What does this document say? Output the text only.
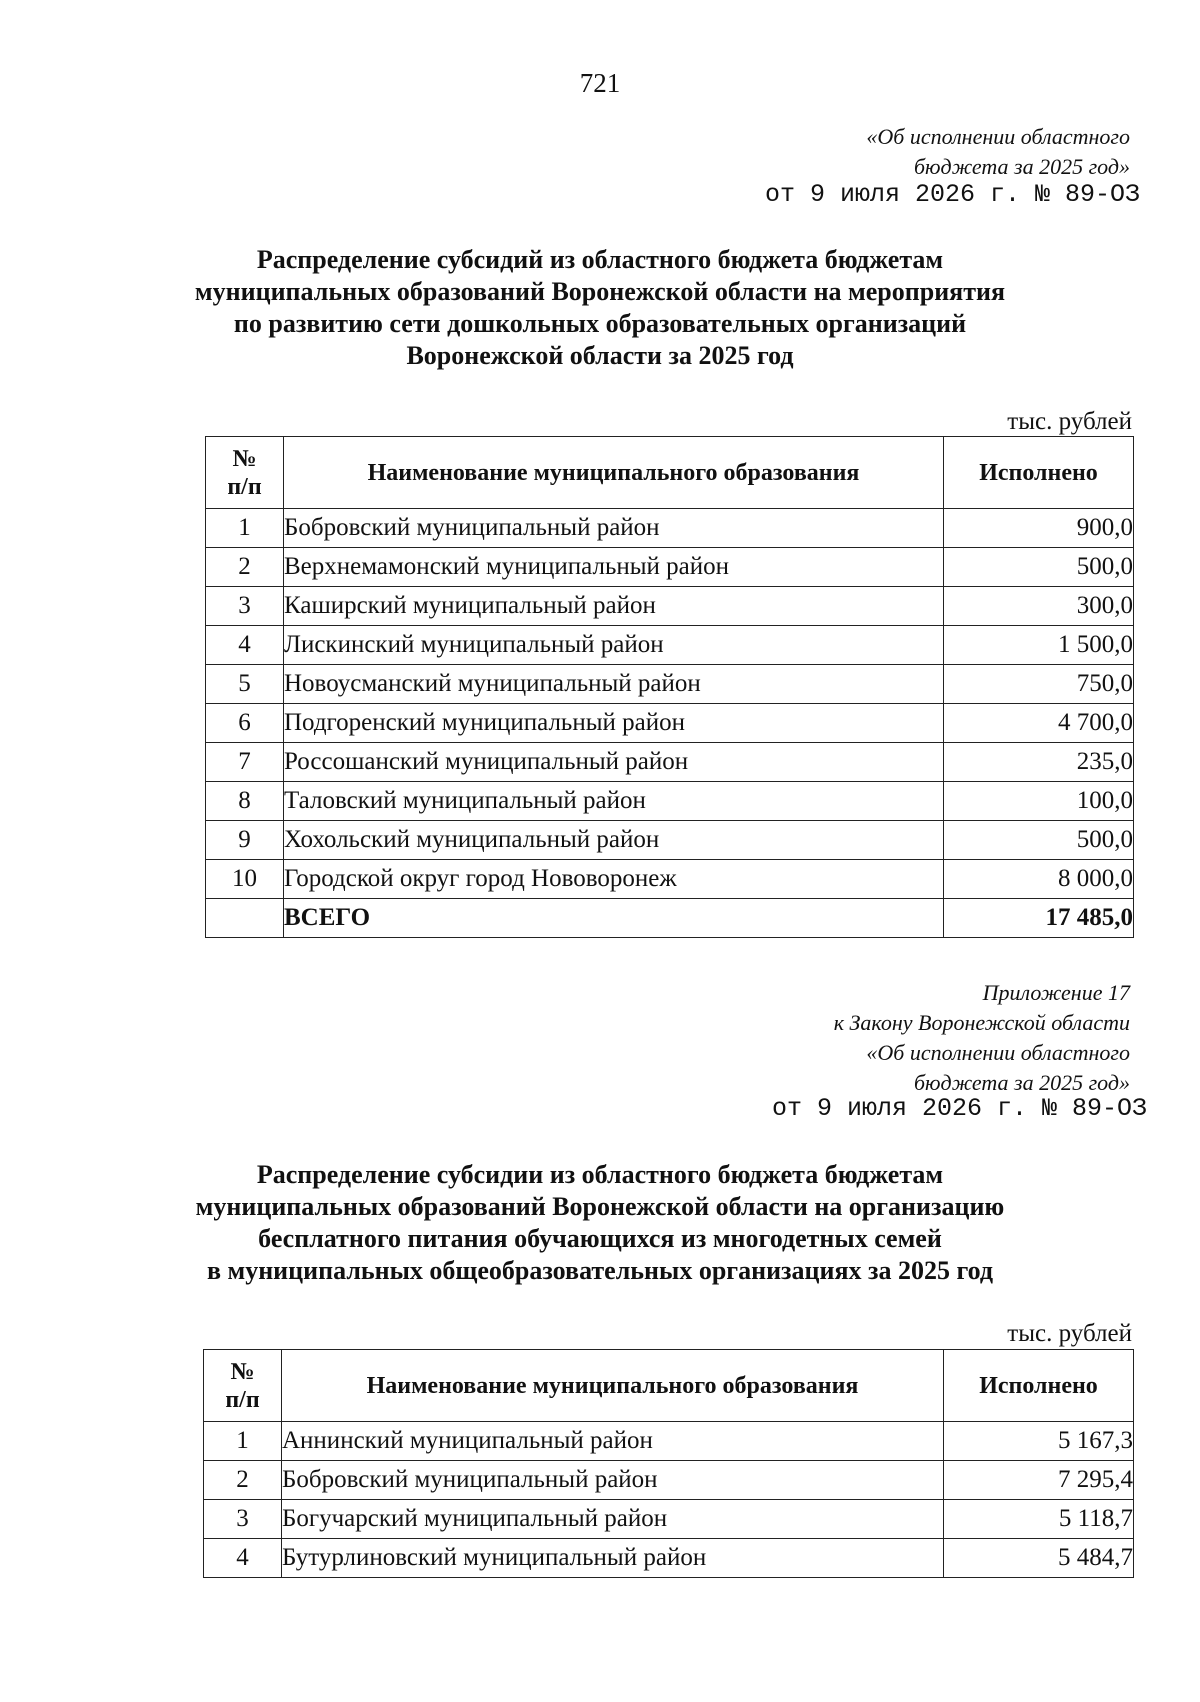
721
«Об исполнении областного
бюджета за 2025 год»
от 9 июля 2026 г. № 89-ОЗ
Распределение субсидий из областного бюджета бюджетам
муниципальных образований Воронежской области на мероприятия
по развитию сети дошкольных образовательных организаций
Воронежской области за 2025 год
тыс. рублей
№
п/п	Наименование муниципального образования	Исполнено
1	Бобровский муниципальный район	900,0
2	Верхнемамонский муниципальный район	500,0
3	Каширский муниципальный район	300,0
4	Лискинский муниципальный район	1 500,0
5	Новоусманский муниципальный район	750,0
6	Подгоренский муниципальный район	4 700,0
7	Россошанский муниципальный район	235,0
8	Таловский муниципальный район	100,0
9	Хохольский муниципальный район	500,0
10	Городской округ город Нововоронеж	8 000,0
	ВСЕГО	17 485,0
Приложение 17
к Закону Воронежской области
«Об исполнении областного
бюджета за 2025 год»
от 9 июля 2026 г. № 89-ОЗ
Распределение субсидии из областного бюджета бюджетам
муниципальных образований Воронежской области на организацию
бесплатного питания обучающихся из многодетных семей
в муниципальных общеобразовательных организациях за 2025 год
тыс. рублей
№
п/п	Наименование муниципального образования	Исполнено
1	Аннинский муниципальный район	5 167,3
2	Бобровский муниципальный район	7 295,4
3	Богучарский муниципальный район	5 118,7
4	Бутурлиновский муниципальный район	5 484,7
